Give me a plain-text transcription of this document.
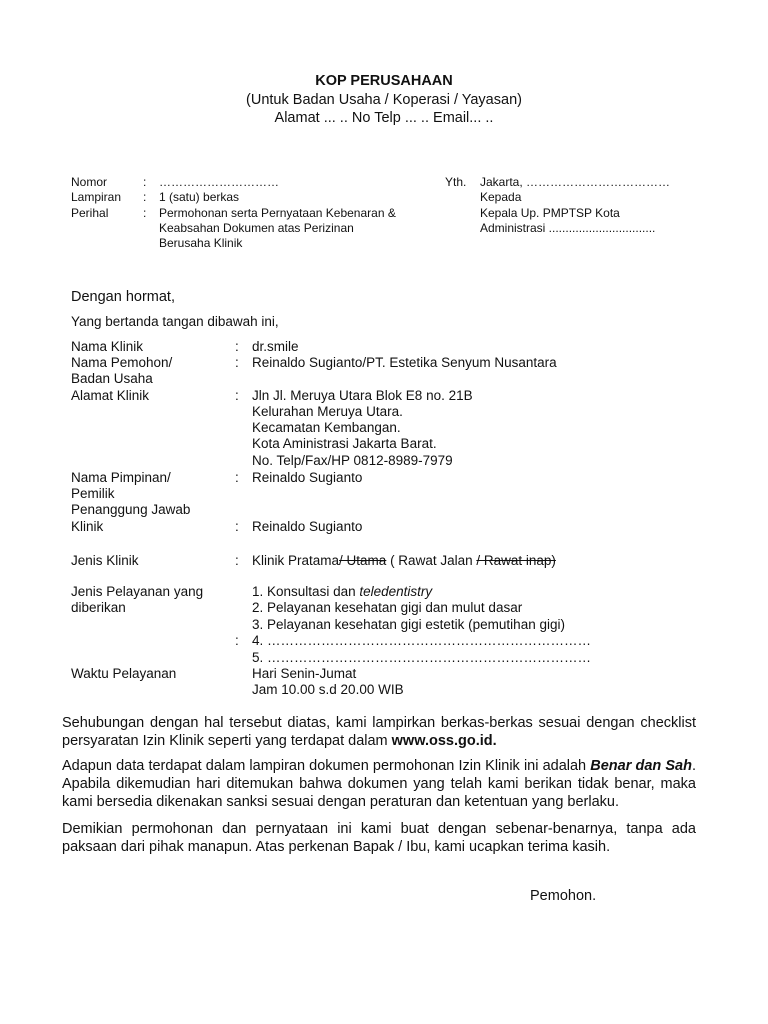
KOP PERUSAHAAN
(Untuk Badan Usaha / Koperasi / Yayasan)
Alamat ... .. No Telp ... .. Email... ..
Nomor	: …………………………
Lampiran : 1 (satu) berkas
Perihal	: Permohonan serta Pernyataan Kebenaran &
Keabsahan Dokumen atas Perizinan
Berusaha Klinik
Yth. Jakarta, ………………………………
Kepada
Kepala Up. PMPTSP Kota
Administrasi ................................
Dengan hormat,
Yang bertanda tangan dibawah ini,
Nama Klinik	: dr.smile
Nama Pemohon/
Badan Usaha
: Reinaldo Sugianto/PT. Estetika Senyum Nusantara
Alamat Klinik	: Jln Jl. Meruya Utara Blok E8 no. 21B
Kelurahan Meruya Utara.
Kecamatan Kembangan.
Kota Aministrasi Jakarta Barat.
No. Telp/Fax/HP 0812-8989-7979
Nama Pimpinan/
Pemilik
: Reinaldo Sugianto
Penanggung Jawab
Klinik	: Reinaldo Sugianto
Jenis Klinik	: Klinik Pratama/ Utama ( Rawat Jalan / Rawat inap)
Jenis Pelayanan yang
diberikan
:
1. Konsultasi dan teledentistry
2. Pelayanan kesehatan gigi dan mulut dasar
3. Pelayanan kesehatan gigi estetik (pemutihan gigi)
4. ………………………………………………………………
5. ………………………………………………………………
Waktu Pelayanan	Hari Senin-Jumat
Jam 10.00 s.d 20.00 WIB
Sehubungan dengan hal tersebut diatas, kami lampirkan berkas-berkas sesuai dengan checklist persyaratan Izin Klinik seperti yang terdapat dalam www.oss.go.id.
Adapun data terdapat dalam lampiran dokumen permohonan Izin Klinik ini adalah Benar dan Sah. Apabila dikemudian hari ditemukan bahwa dokumen yang telah kami berikan tidak benar, maka kami bersedia dikenakan sanksi sesuai dengan peraturan dan ketentuan yang berlaku.
Demikian permohonan dan pernyataan ini kami buat dengan sebenar-benarnya, tanpa ada paksaan dari pihak manapun. Atas perkenan Bapak / Ibu, kami ucapkan terima kasih.
Pemohon.
